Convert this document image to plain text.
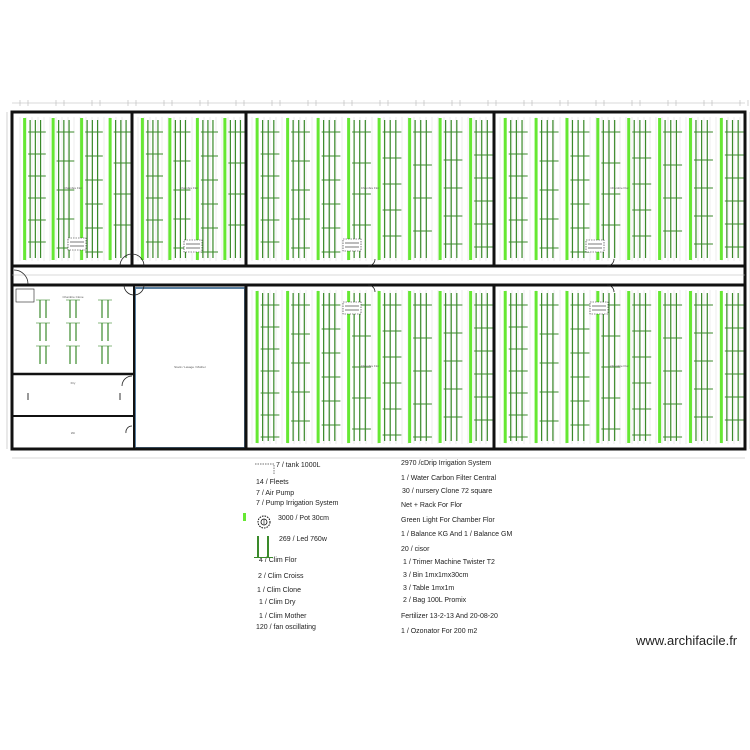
Chambre Flor	Chambre Flor	Chambre Flor	Chambre Flor
Chambre Flor	Chambre Flor
Chambre Clone
Dry
Wc
Stock / Lavage / Mother
7 / tank 1000L
14 / Fleets
7 / Air Pump
7 / Pump Irrigation System
3000 / Pot 30cm
269 / Led 760w
4 / Clim Flor
2 / Clim Croiss
1 / Clim Clone
1 / Clim Dry
1 / Clim Mother
120 / fan oscillating
2970 /cDrip Irrigation System
1 / Water Carbon Filter Central
30 / nursery Clone 72 square
Net + Rack For Flor
Green Light For Chamber Flor
1 / Balance KG And 1 / Balance GM
20 / cisor
1 / Trimer Machine Twister T2
3 / Bin 1mx1mx30cm
3 / Table 1mx1m
2 / Bag 100L Promix
Fertilizer 13-2-13 And 20-08-20
1 / Ozonator For 200 m2
www.archifacile.fr
